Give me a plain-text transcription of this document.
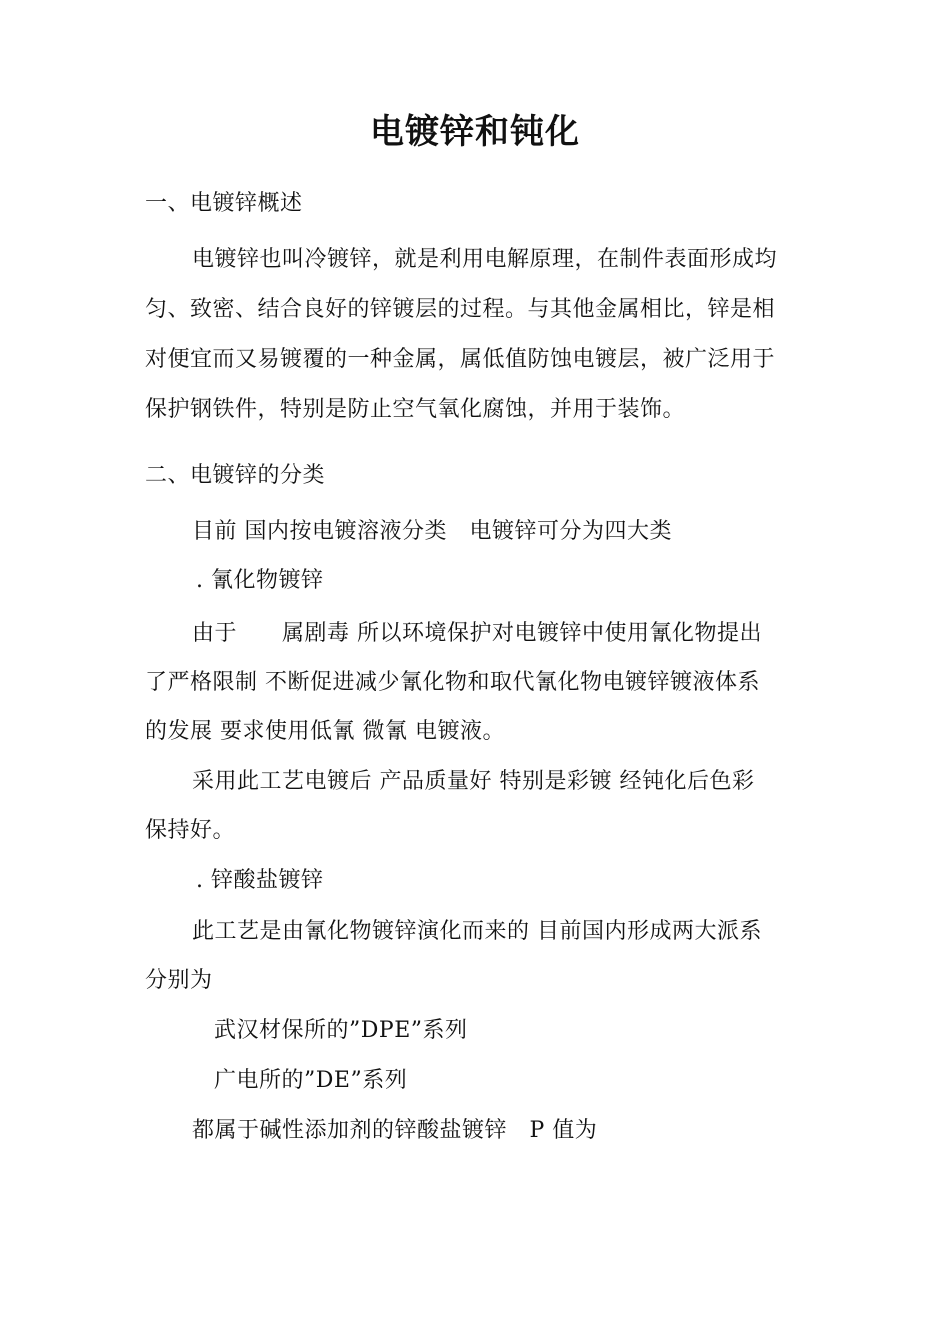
电镀锌和钝化
一、电镀锌概述
电镀锌也叫冷镀锌，就是利用电解原理，在制件表面形成均
匀、致密、结合良好的锌镀层的过程。与其他金属相比，锌是相
对便宜而又易镀覆的一种金属，属低值防蚀电镀层，被广泛用于
保护钢铁件，特别是防止空气氧化腐蚀，并用于装饰。
二、电镀锌的分类
目前 国内按电镀溶液分类   电镀锌可分为四大类
. 氰化物镀锌
由于      属剧毒 所以环境保护对电镀锌中使用氰化物提出
了严格限制 不断促进减少氰化物和取代氰化物电镀锌镀液体系
的发展 要求使用低氰 微氰 电镀液。
采用此工艺电镀后 产品质量好 特别是彩镀 经钝化后色彩
保持好。
. 锌酸盐镀锌
此工艺是由氰化物镀锌演化而来的 目前国内形成两大派系
分别为
武汉材保所的”DPE”系列
广电所的”DE”系列
都属于碱性添加剂的锌酸盐镀锌   P 值为
